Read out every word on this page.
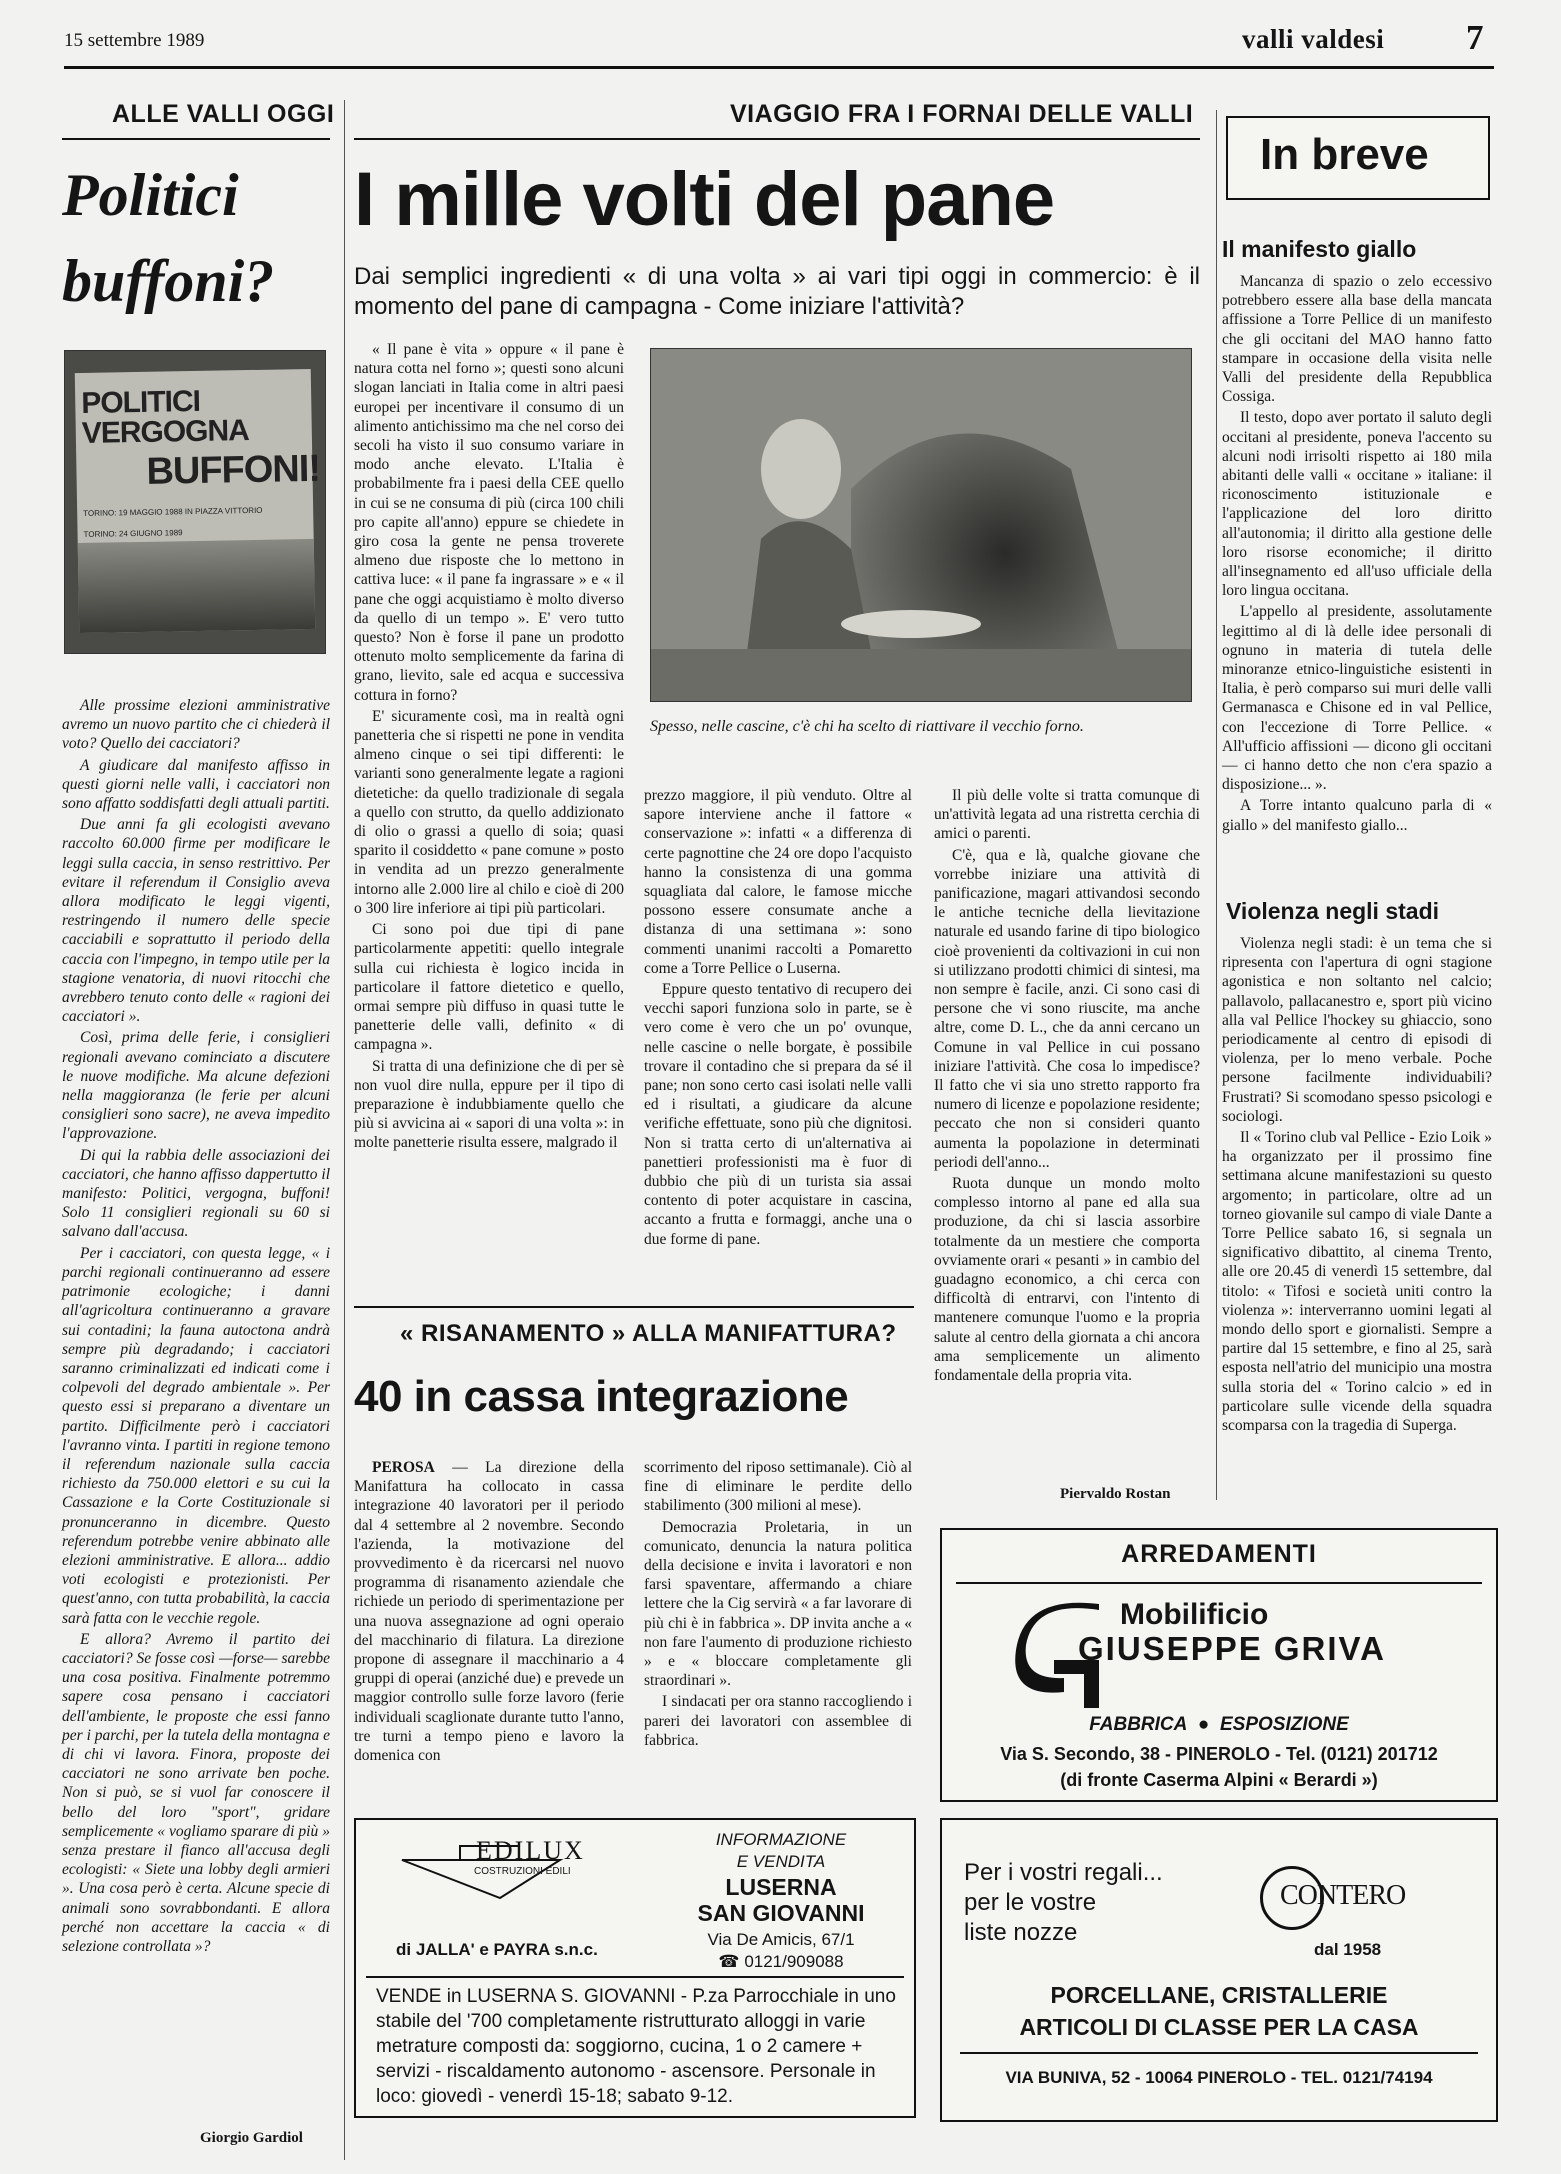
15 settembre 1989	valli valdesi 7
ALLE VALLI OGGI
Politici
buffoni?
POLITICI VERGOGNA
BUFFONI!
TORINO: 19 MAGGIO 1988 IN PIAZZA VITTORIO
TORINO: 24 GIUGNO 1989

Alle prossime elezioni amministrative avremo un nuovo partito che ci chiederà il voto? Quello dei cacciatori?

A giudicare dal manifesto affisso in questi giorni nelle valli, i cacciatori non sono affatto soddisfatti degli attuali partiti.

Due anni fa gli ecologisti avevano raccolto 60.000 firme per modificare le leggi sulla caccia, in senso restrittivo. Per evitare il referendum il Consiglio aveva allora modificato le leggi vigenti, restringendo il numero delle specie cacciabili e soprattutto il periodo della caccia con l'impegno, in tempo utile per la stagione venatoria, di nuovi ritocchi che avrebbero tenuto conto delle « ragioni dei cacciatori ».

Così, prima delle ferie, i consiglieri regionali avevano cominciato a discutere le nuove modifiche. Ma alcune defezioni nella maggioranza (le ferie per alcuni consiglieri sono sacre), ne aveva impedito l'approvazione.

Di qui la rabbia delle associazioni dei cacciatori, che hanno affisso dappertutto il manifesto: Politici, vergogna, buffoni! Solo 11 consiglieri regionali su 60 si salvano dall'accusa.

Per i cacciatori, con questa legge, « i parchi regionali continueranno ad essere patrimonie ecologiche; i danni all'agricoltura continueranno a gravare sui contadini; la fauna autoctona andrà sempre più degradando; i cacciatori saranno criminalizzati ed indicati come i colpevoli del degrado ambientale ». Per questo essi si preparano a diventare un partito. Difficilmente però i cacciatori l'avranno vinta. I partiti in regione temono il referendum nazionale sulla caccia richiesto da 750.000 elettori e su cui la Cassazione e la Corte Costituzionale si pronunceranno in dicembre. Questo referendum potrebbe venire abbinato alle elezioni amministrative. E allora... addio voti ecologisti e protezionisti. Per quest'anno, con tutta probabilità, la caccia sarà fatta con le vecchie regole.

E allora? Avremo il partito dei cacciatori? Se fosse così —forse— sarebbe una cosa positiva. Finalmente potremmo sapere cosa pensano i cacciatori dell'ambiente, le proposte che essi fanno per i parchi, per la tutela della montagna e di chi vi lavora. Finora, proposte dei cacciatori ne sono arrivate ben poche. Non si può, se si vuol far conoscere il bello del loro "sport", gridare semplicemente « vogliamo sparare di più » senza prestare il fianco all'accusa degli ecologisti: « Siete una lobby degli armieri ». Una cosa però è certa. Alcune specie di animali sono sovrabbondanti. E allora perché non accettare la caccia « di selezione controllata »?

Giorgio Gardiol
VIAGGIO FRA I FORNAI DELLE VALLI
I mille volti del pane
Dai semplici ingredienti « di una volta » ai vari tipi oggi in commercio: è il momento del pane di campagna - Come iniziare l'attività?

« Il pane è vita » oppure « il pane è natura cotta nel forno »; questi sono alcuni slogan lanciati in Italia come in altri paesi europei per incentivare il consumo di un alimento antichissimo ma che nel corso dei secoli ha visto il suo consumo variare in modo anche elevato. L'Italia è probabilmente fra i paesi della CEE quello in cui se ne consuma di più (circa 100 chili pro capite all'anno) eppure se chiedete in giro cosa la gente ne pensa troverete almeno due risposte che lo mettono in cattiva luce: « il pane fa ingrassare » e « il pane che oggi acquistiamo è molto diverso da quello di un tempo ». E' vero tutto questo? Non è forse il pane un prodotto ottenuto molto semplicemente da farina di grano, lievito, sale ed acqua e successiva cottura in forno?

E' sicuramente così, ma in realtà ogni panetteria che si rispetti ne pone in vendita almeno cinque o sei tipi differenti: le varianti sono generalmente legate a ragioni dietetiche: da quello tradizionale di segala a quello con strutto, da quello addizionato di olio o grassi a quello di soia; quasi sparito il cosiddetto « pane comune » posto in vendita ad un prezzo generalmente intorno alle 2.000 lire al chilo e cioè di 200 o 300 lire inferiore ai tipi più particolari.

Ci sono poi due tipi di pane particolarmente appetiti: quello integrale sulla cui richiesta è logico incida in particolare il fattore dietetico e quello, ormai sempre più diffuso in quasi tutte le panetterie delle valli, definito « di campagna ».

Si tratta di una definizione che di per sè non vuol dire nulla, eppure per il tipo di preparazione è indubbiamente quello che più si avvicina ai « sapori di una volta »: in molte panetterie risulta essere, malgrado il

Spesso, nelle cascine, c'è chi ha scelto di riattivare il vecchio forno.

prezzo maggiore, il più venduto. Oltre al sapore interviene anche il fattore « conservazione »: infatti « a differenza di certe pagnottine che 24 ore dopo l'acquisto hanno la consistenza di una gomma squagliata dal calore, le famose micche possono essere consumate anche a distanza di una settimana »: sono commenti unanimi raccolti a Pomaretto come a Torre Pellice o Luserna.

Eppure questo tentativo di recupero dei vecchi sapori funziona solo in parte, se è vero come è vero che un po' ovunque, nelle cascine o nelle borgate, è possibile trovare il contadino che si prepara da sé il pane; non sono certo casi isolati nelle valli ed i risultati, a giudicare da alcune verifiche effettuate, sono più che dignitosi. Non si tratta certo di un'alternativa ai panettieri professionisti ma è fuor di dubbio che più di un turista sia assai contento di poter acquistare in cascina, accanto a frutta e formaggi, anche una o due forme di pane.

Il più delle volte si tratta comunque di un'attività legata ad una ristretta cerchia di amici o parenti.

C'è, qua e là, qualche giovane che vorrebbe iniziare una attività di panificazione, magari attivandosi secondo le antiche tecniche della lievitazione naturale ed usando farine di tipo biologico cioè provenienti da coltivazioni in cui non si utilizzano prodotti chimici di sintesi, ma non sempre è facile, anzi. Ci sono casi di persone che vi sono riuscite, ma anche altre, come D. L., che da anni cercano un Comune in val Pellice in cui possano iniziare l'attività. Che cosa lo impedisce? Il fatto che vi sia uno stretto rapporto fra numero di licenze e popolazione residente; peccato che non si consideri quanto aumenta la popolazione in determinati periodi dell'anno...

Ruota dunque un mondo molto complesso intorno al pane ed alla sua produzione, da chi si lascia assorbire totalmente da un mestiere che comporta ovviamente orari « pesanti » in cambio del guadagno economico, a chi cerca con difficoltà di entrarvi, con l'intento di mantenere comunque l'uomo e la propria salute al centro della giornata a chi ancora ama semplicemente un alimento fondamentale della propria vita.

Piervaldo Rostan
« RISANAMENTO » ALLA MANIFATTURA?
40 in cassa integrazione

PEROSA — La direzione della Manifattura ha collocato in cassa integrazione 40 lavoratori per il periodo dal 4 settembre al 2 novembre. Secondo l'azienda, la motivazione del provvedimento è da ricercarsi nel nuovo programma di risanamento aziendale che richiede un periodo di sperimentazione per una nuova assegnazione ad ogni operaio del macchinario di filatura. La direzione propone di assegnare il macchinario a 4 gruppi di operai (anziché due) e prevede un maggior controllo sulle forze lavoro (ferie individuali scaglionate durante tutto l'anno, tre turni a tempo pieno e lavoro la domenica con

scorrimento del riposo settimanale). Ciò al fine di eliminare le perdite dello stabilimento (300 milioni al mese).

Democrazia Proletaria, in un comunicato, denuncia la natura politica della decisione e invita i lavoratori e non farsi spaventare, affermando a chiare lettere che la Cig servirà « a far lavorare di più chi è in fabbrica ». DP invita anche a « non fare l'aumento di produzione richiesto » e « bloccare completamente gli straordinari ».

I sindacati per ora stanno raccogliendo i pareri dei lavoratori con assemblee di fabbrica.

In breve
Il manifesto giallo

Mancanza di spazio o zelo eccessivo potrebbero essere alla base della mancata affissione a Torre Pellice di un manifesto che gli occitani del MAO hanno fatto stampare in occasione della visita nelle Valli del presidente della Repubblica Cossiga.

Il testo, dopo aver portato il saluto degli occitani al presidente, poneva l'accento su alcuni nodi irrisolti rispetto ai 180 mila abitanti delle valli « occitane » italiane: il riconoscimento istituzionale e l'applicazione del loro diritto all'autonomia; il diritto alla gestione delle loro risorse economiche; il diritto all'insegnamento ed all'uso ufficiale della loro lingua occitana.

L'appello al presidente, assolutamente legittimo al di là delle idee personali di ognuno in materia di tutela delle minoranze etnico-linguistiche esistenti in Italia, è però comparso sui muri delle valli Germanasca e Chisone ed in val Pellice, con l'eccezione di Torre Pellice. « All'ufficio affissioni — dicono gli occitani — ci hanno detto che non c'era spazio a disposizione... ».

A Torre intanto qualcuno parla di « giallo » del manifesto giallo...

Violenza negli stadi

Violenza negli stadi: è un tema che si ripresenta con l'apertura di ogni stagione agonistica e non soltanto nel calcio; pallavolo, pallacanestro e, sport più vicino alla val Pellice l'hockey su ghiaccio, sono periodicamente al centro di episodi di violenza, per lo meno verbale. Poche persone facilmente individuabili? Frustrati? Si scomodano spesso psicologi e sociologi.

Il « Torino club val Pellice - Ezio Loik » ha organizzato per il prossimo fine settimana alcune manifestazioni su questo argomento; in particolare, oltre ad un torneo giovanile sul campo di viale Dante a Torre Pellice sabato 16, si segnala un significativo dibattito, al cinema Trento, alle ore 20.45 di venerdì 15 settembre, dal titolo: « Tifosi e società uniti contro la violenza »: interverranno uomini legati al mondo dello sport e giornalisti. Sempre a partire dal 15 settembre, e fino al 25, sarà esposta nell'atrio del municipio una mostra sulla storia del « Torino calcio » ed in particolare sulle vicende della squadra scomparsa con la tragedia di Superga.

ARREDAMENTI
Mobilificio
GIUSEPPE GRIVA
FABBRICA  ●  ESPOSIZIONE
Via S. Secondo, 38 - PINEROLO - Tel. (0121) 201712
(di fronte Caserma Alpini « Berardi »)
EDILUX
COSTRUZIONI EDILI
di JALLA' e PAYRA s.n.c.
INFORMAZIONE
E VENDITA
LUSERNA
SAN GIOVANNI
Via De Amicis, 67/1
☎ 0121/909088
VENDE in LUSERNA S. GIOVANNI - P.za Parrocchiale in uno stabile del '700 completamente ristrutturato alloggi in varie metrature composti da: soggiorno, cucina, 1 o 2 camere + servizi - riscaldamento autonomo - ascensore. Personale in loco: giovedì - venerdì 15-18; sabato 9-12.
Per i vostri regali...
per le vostre
liste nozze
CONTERO
dal 1958
PORCELLANE, CRISTALLERIE
ARTICOLI DI CLASSE PER LA CASA
VIA BUNIVA, 52 - 10064 PINEROLO - TEL. 0121/74194
